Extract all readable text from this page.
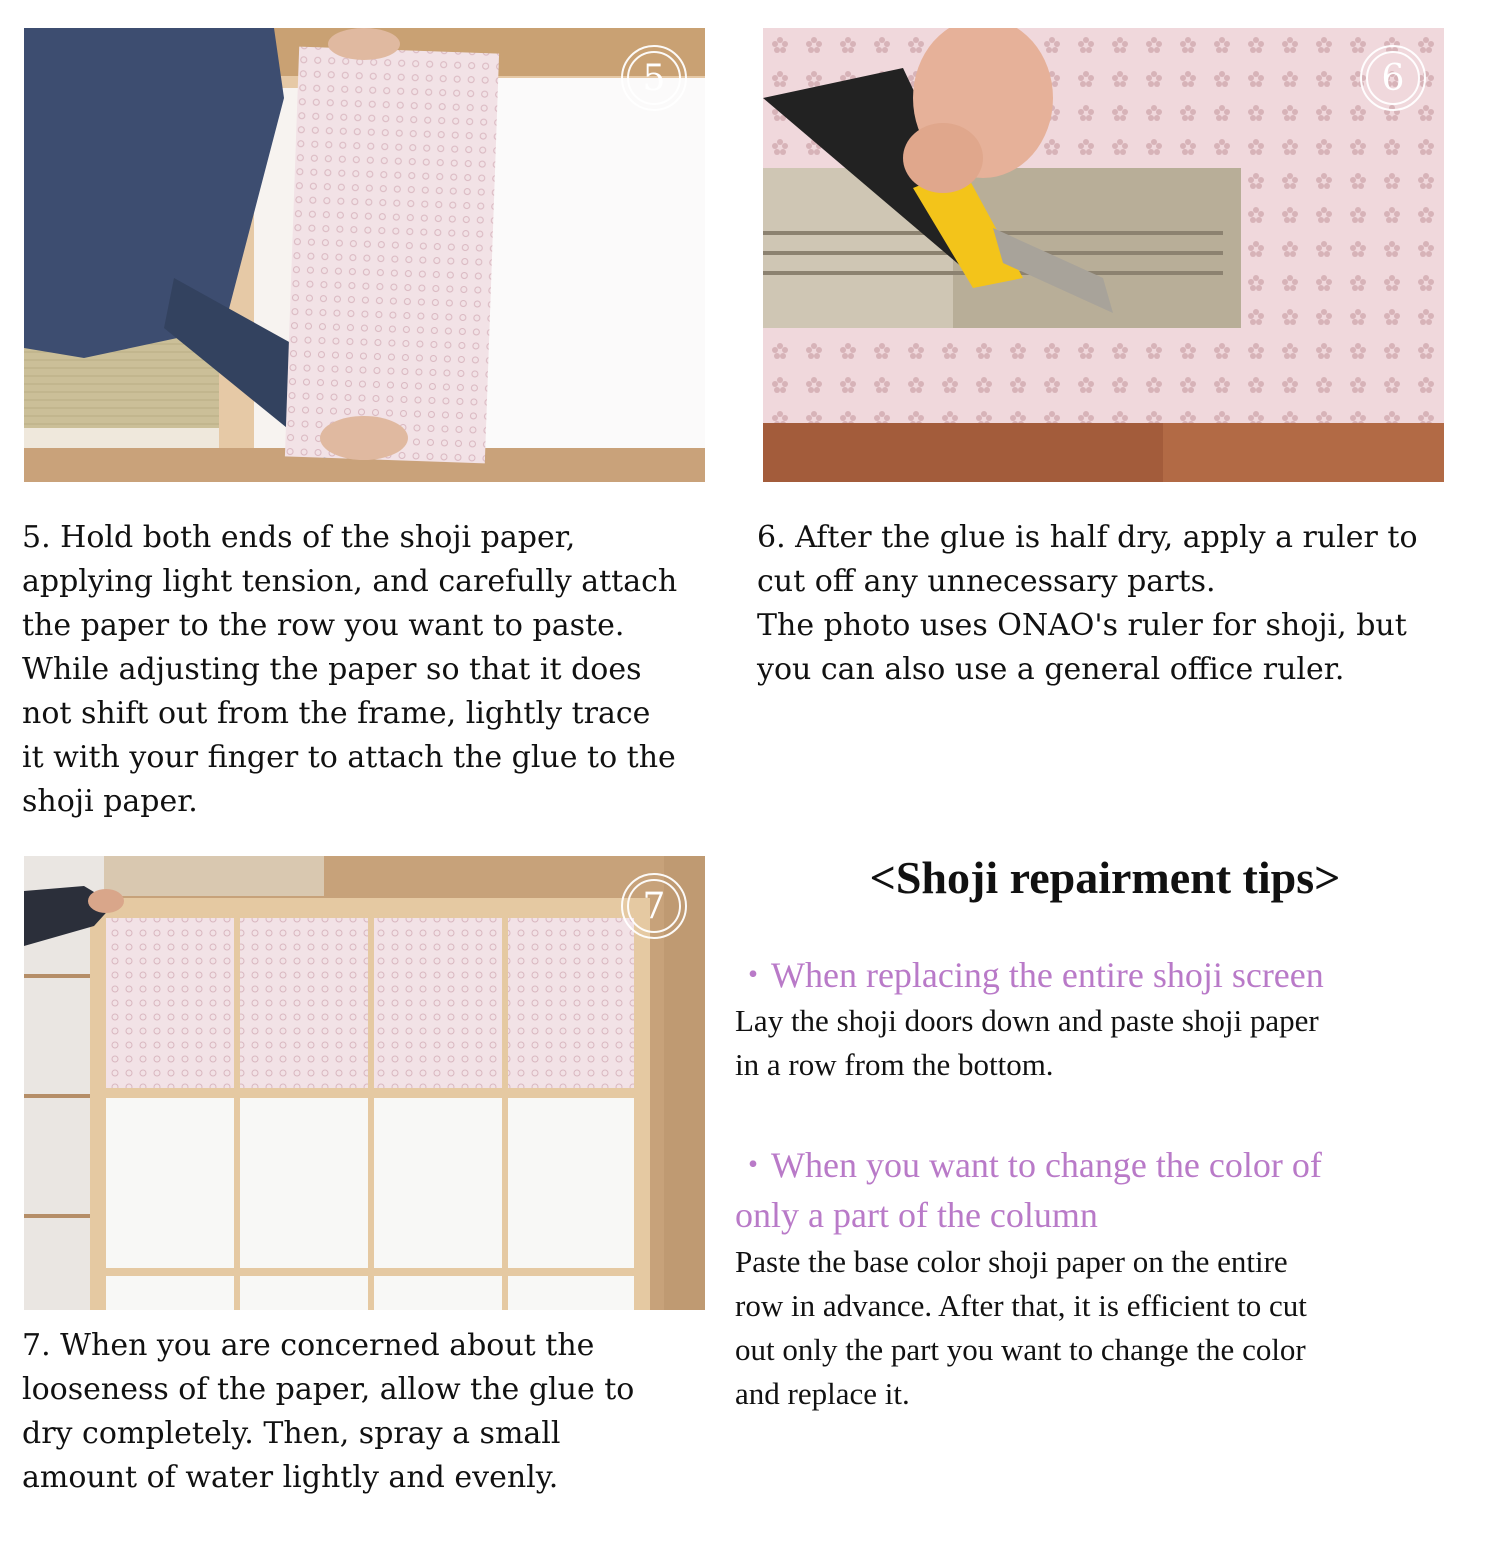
5	6

5. Hold both ends of the shoji paper,
applying light tension, and carefully attach
the paper to the row you want to paste.
While adjusting the paper so that it does
not shift out from the frame, lightly trace
it with your finger to attach the glue to the
shoji paper.

6. After the glue is half dry, apply a ruler to
cut off any unnecessary parts.
The photo uses ONAO's ruler for shoji, but
you can also use a general office ruler.

7

7. When you are concerned about the
looseness of the paper, allow the glue to
dry completely. Then, spray a small
amount of water lightly and evenly.

<Shoji repairment tips>

・When replacing the entire shoji screen

Lay the shoji doors down and paste shoji paper
in a row from the bottom.

・When you want to change the color of
only a part of the column

Paste the base color shoji paper on the entire
row in advance. After that, it is efficient to cut
out only the part you want to change the color
and replace it.
